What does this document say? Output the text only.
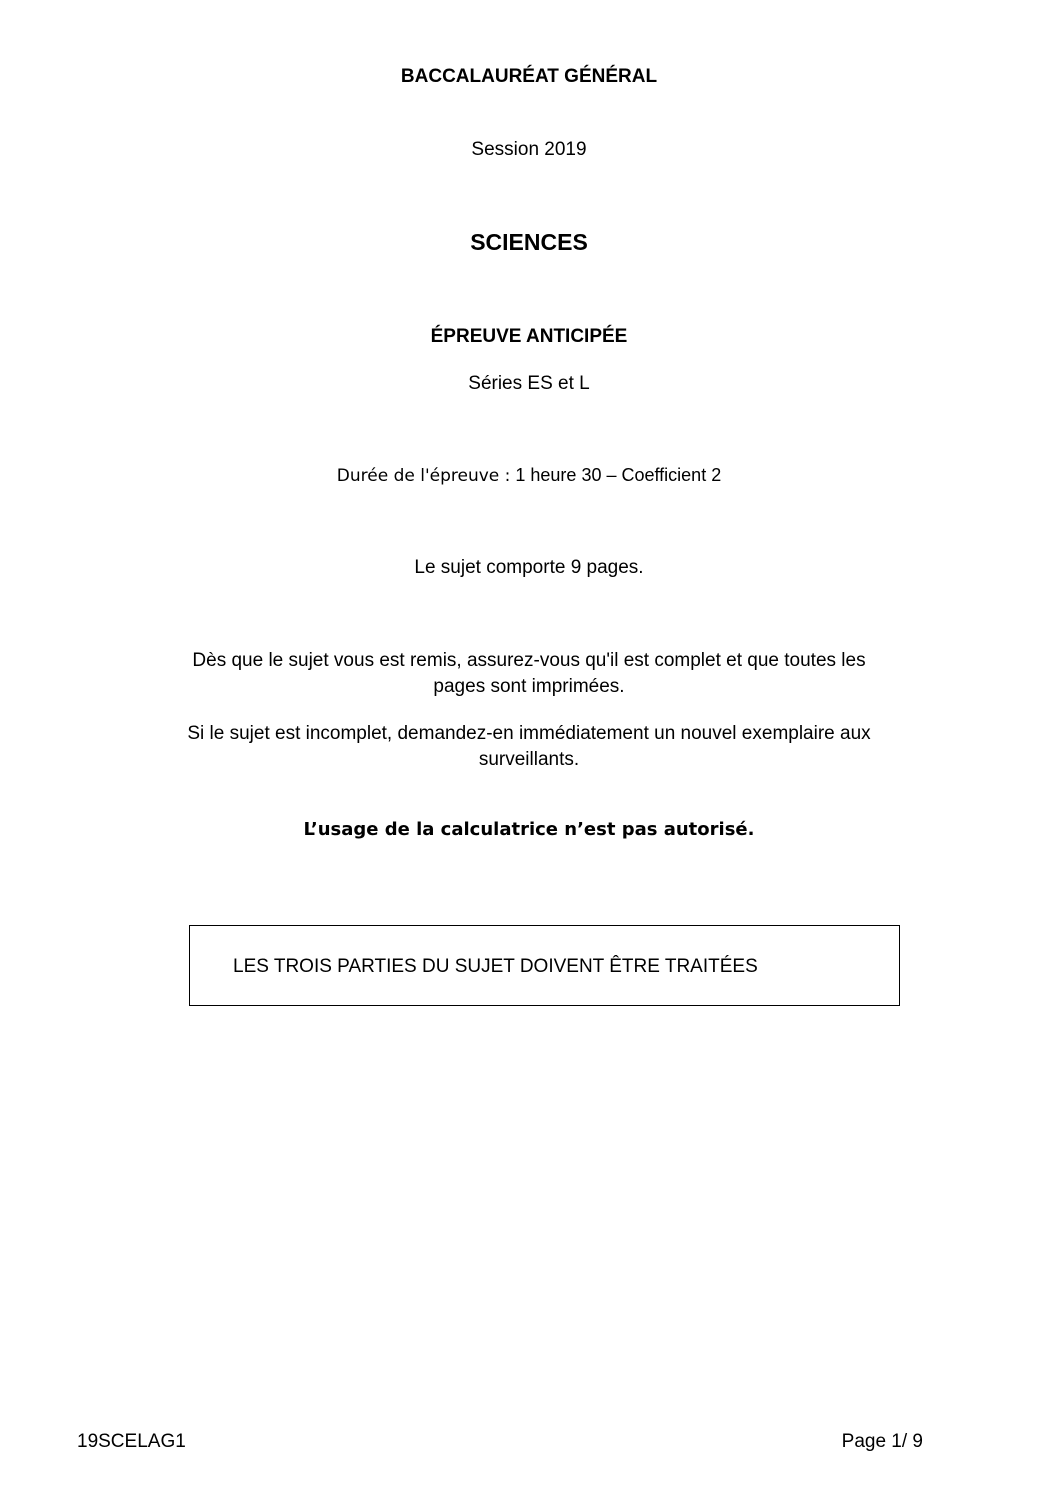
BACCALAURÉAT GÉNÉRAL
Session 2019
SCIENCES
ÉPREUVE ANTICIPÉE
Séries ES et L
Durée de l'épreuve : 1 heure 30 – Coefficient 2
Le sujet comporte 9 pages.
Dès que le sujet vous est remis, assurez-vous qu'il est complet et que toutes les
pages sont imprimées.
Si le sujet est incomplet, demandez-en immédiatement un nouvel exemplaire aux
surveillants.
L’usage de la calculatrice n’est pas autorisé.
LES TROIS PARTIES DU SUJET DOIVENT ÊTRE TRAITÉES
19SCELAG1	Page 1/ 9
